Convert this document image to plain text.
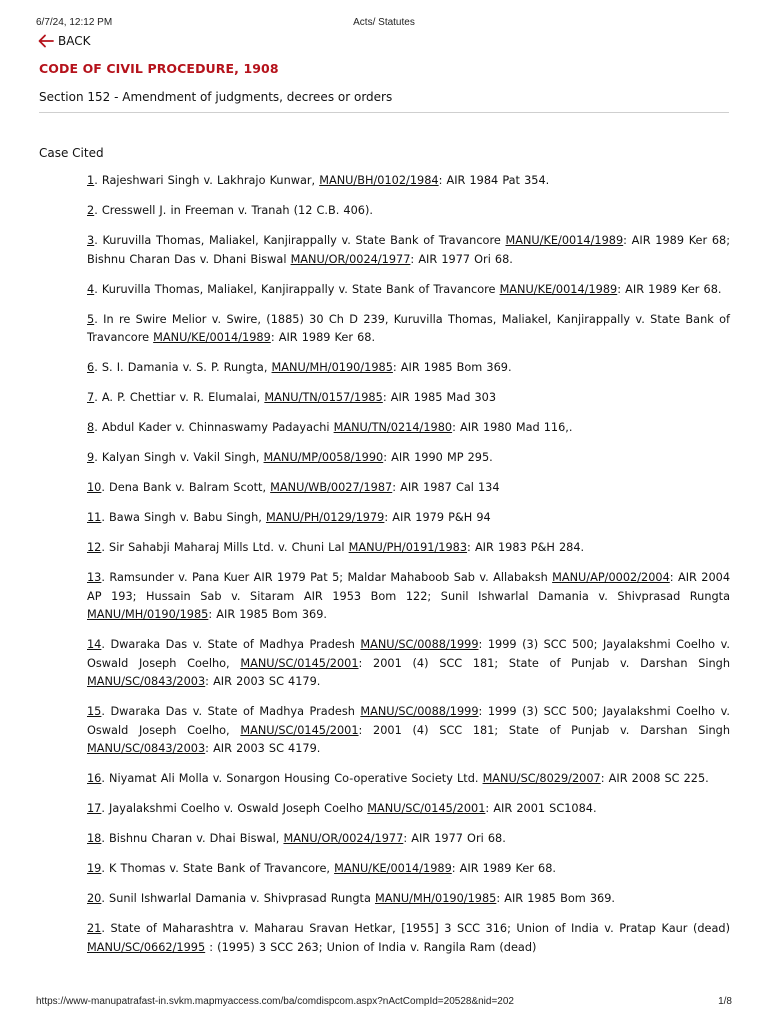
6/7/24, 12:12 PM	Acts/ Statutes
BACK
CODE OF CIVIL PROCEDURE, 1908
Section 152 - Amendment of judgments, decrees or orders
Case Cited
1. Rajeshwari Singh v. Lakhrajo Kunwar, MANU/BH/0102/1984: AIR 1984 Pat 354.
2. Cresswell J. in Freeman v. Tranah (12 C.B. 406).
3. Kuruvilla Thomas, Maliakel, Kanjirappally v. State Bank of Travancore MANU/KE/0014/1989: AIR 1989 Ker 68; Bishnu Charan Das v. Dhani Biswal MANU/OR/0024/1977: AIR 1977 Ori 68.
4. Kuruvilla Thomas, Maliakel, Kanjirappally v. State Bank of Travancore MANU/KE/0014/1989: AIR 1989 Ker 68.
5. In re Swire Melior v. Swire, (1885) 30 Ch D 239, Kuruvilla Thomas, Maliakel, Kanjirappally v. State Bank of Travancore MANU/KE/0014/1989: AIR 1989 Ker 68.
6. S. I. Damania v. S. P. Rungta, MANU/MH/0190/1985: AIR 1985 Bom 369.
7. A. P. Chettiar v. R. Elumalai, MANU/TN/0157/1985: AIR 1985 Mad 303
8. Abdul Kader v. Chinnaswamy Padayachi MANU/TN/0214/1980: AIR 1980 Mad 116,.
9. Kalyan Singh v. Vakil Singh, MANU/MP/0058/1990: AIR 1990 MP 295.
10. Dena Bank v. Balram Scott, MANU/WB/0027/1987: AIR 1987 Cal 134
11. Bawa Singh v. Babu Singh, MANU/PH/0129/1979: AIR 1979 P&H 94
12. Sir Sahabji Maharaj Mills Ltd. v. Chuni Lal MANU/PH/0191/1983: AIR 1983 P&H 284.
13. Ramsunder v. Pana Kuer AIR 1979 Pat 5; Maldar Mahaboob Sab v. Allabaksh MANU/AP/0002/2004: AIR 2004 AP 193; Hussain Sab v. Sitaram AIR 1953 Bom 122; Sunil Ishwarlal Damania v. Shivprasad Rungta MANU/MH/0190/1985: AIR 1985 Bom 369.
14. Dwaraka Das v. State of Madhya Pradesh MANU/SC/0088/1999: 1999 (3) SCC 500; Jayalakshmi Coelho v. Oswald Joseph Coelho, MANU/SC/0145/2001: 2001 (4) SCC 181; State of Punjab v. Darshan Singh MANU/SC/0843/2003: AIR 2003 SC 4179.
15. Dwaraka Das v. State of Madhya Pradesh MANU/SC/0088/1999: 1999 (3) SCC 500; Jayalakshmi Coelho v. Oswald Joseph Coelho, MANU/SC/0145/2001: 2001 (4) SCC 181; State of Punjab v. Darshan Singh MANU/SC/0843/2003: AIR 2003 SC 4179.
16. Niyamat Ali Molla v. Sonargon Housing Co-operative Society Ltd. MANU/SC/8029/2007: AIR 2008 SC 225.
17. Jayalakshmi Coelho v. Oswald Joseph Coelho MANU/SC/0145/2001: AIR 2001 SC1084.
18. Bishnu Charan v. Dhai Biswal, MANU/OR/0024/1977: AIR 1977 Ori 68.
19. K Thomas v. State Bank of Travancore, MANU/KE/0014/1989: AIR 1989 Ker 68.
20. Sunil Ishwarlal Damania v. Shivprasad Rungta MANU/MH/0190/1985: AIR 1985 Bom 369.
21. State of Maharashtra v. Maharau Sravan Hetkar, [1955] 3 SCC 316; Union of India v. Pratap Kaur (dead) MANU/SC/0662/1995 : (1995) 3 SCC 263; Union of India v. Rangila Ram (dead)
https://www-manupatrafast-in.svkm.mapmyaccess.com/ba/comdispcom.aspx?nActCompId=20528&nid=202	1/8
